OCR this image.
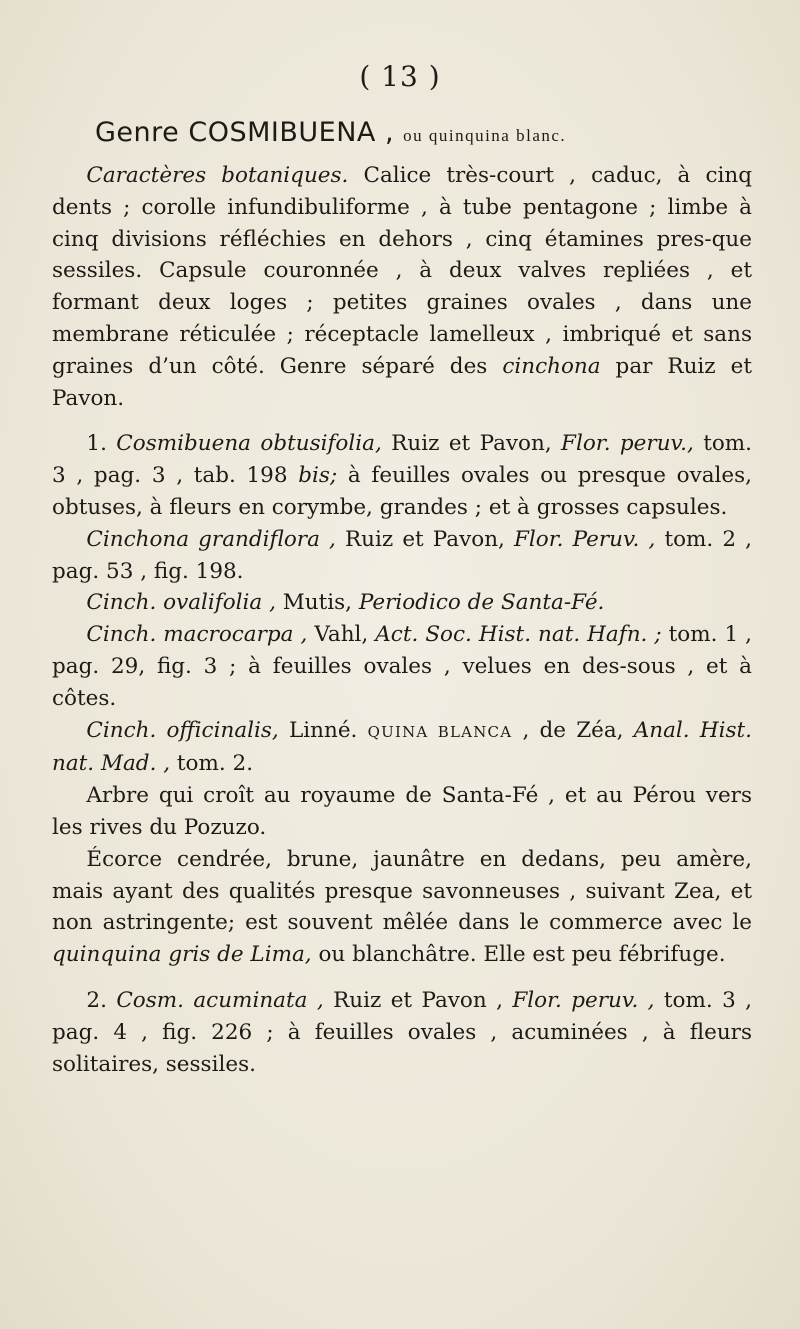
( 13 )
Genre COSMIBUENA , ou quinquina blanc.

Caractères botaniques. Calice très-court , caduc, à cinq dents ; corolle infundibuliforme , à tube pentagone ; limbe à cinq divisions réfléchies en dehors , cinq étamines pres-que sessiles. Capsule couronnée , à deux valves repliées , et formant deux loges ; petites graines ovales , dans une membrane réticulée ; réceptacle lamelleux , imbriqué et sans graines d’un côté. Genre séparé des cinchona par Ruiz et Pavon.

1. Cosmibuena obtusifolia, Ruiz et Pavon, Flor. peruv., tom. 3 , pag. 3 , tab. 198 bis; à feuilles ovales ou presque ovales, obtuses, à fleurs en corymbe, grandes ; et à grosses capsules.

Cinchona grandiflora , Ruiz et Pavon, Flor. Peruv. , tom. 2 , pag. 53 , fig. 198.

Cinch. ovalifolia , Mutis, Periodico de Santa-Fé.

Cinch. macrocarpa , Vahl, Act. Soc. Hist. nat. Hafn. ; tom. 1 , pag. 29, fig. 3 ; à feuilles ovales , velues en des-sous , et à côtes.

Cinch. officinalis, Linné. QUINA BLANCA , de Zéa, Anal. Hist. nat. Mad. , tom. 2.

Arbre qui croît au royaume de Santa-Fé , et au Pérou vers les rives du Pozuzo.

Écorce cendrée, brune, jaunâtre en dedans, peu amère, mais ayant des qualités presque savonneuses , suivant Zea, et non astringente; est souvent mêlée dans le commerce avec le quinquina gris de Lima, ou blanchâtre. Elle est peu fébrifuge.

2. Cosm. acuminata , Ruiz et Pavon , Flor. peruv. , tom. 3 , pag. 4 , fig. 226 ; à feuilles ovales , acuminées , à fleurs solitaires, sessiles.
